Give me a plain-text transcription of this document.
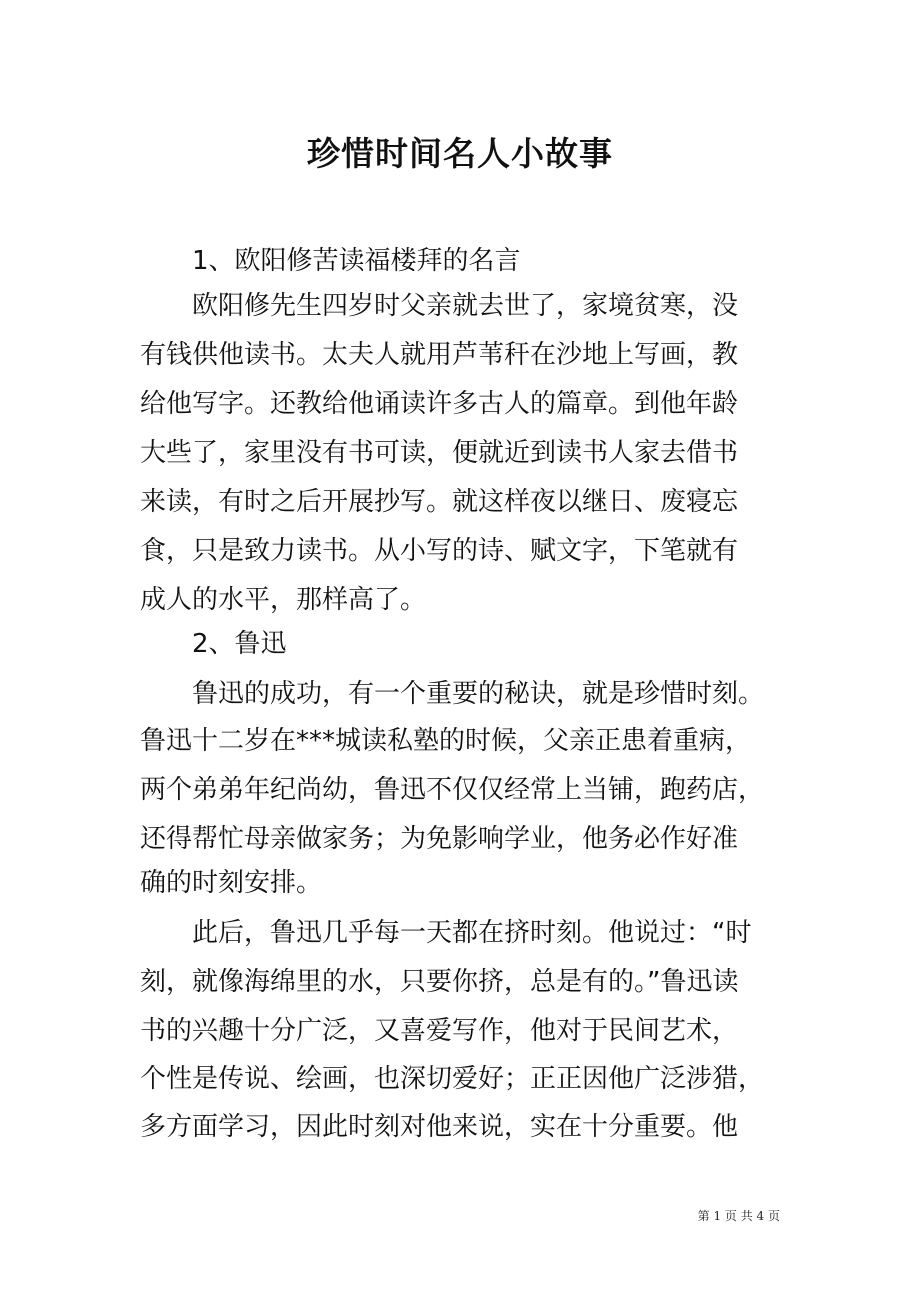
珍惜时间名人小故事
　　1、欧阳修苦读福楼拜的名言
　　欧阳修先生四岁时父亲就去世了，家境贫寒，没
有钱供他读书。太夫人就用芦苇秆在沙地上写画，教
给他写字。还教给他诵读许多古人的篇章。到他年龄
大些了，家里没有书可读，便就近到读书人家去借书
来读，有时之后开展抄写。就这样夜以继日、废寝忘
食，只是致力读书。从小写的诗、赋文字，下笔就有
成人的水平，那样高了。
　　2、鲁迅
　　鲁迅的成功，有一个重要的秘诀，就是珍惜时刻。
鲁迅十二岁在***城读私塾的时候，父亲正患着重病，
两个弟弟年纪尚幼，鲁迅不仅仅经常上当铺，跑药店，
还得帮忙母亲做家务；为免影响学业，他务必作好准
确的时刻安排。
　　此后，鲁迅几乎每一天都在挤时刻。他说过：“时
刻，就像海绵里的水，只要你挤，总是有的。”鲁迅读
书的兴趣十分广泛，又喜爱写作，他对于民间艺术，
个性是传说、绘画，也深切爱好；正正因他广泛涉猎，
多方面学习，因此时刻对他来说，实在十分重要。他
第 1 页 共 4 页
